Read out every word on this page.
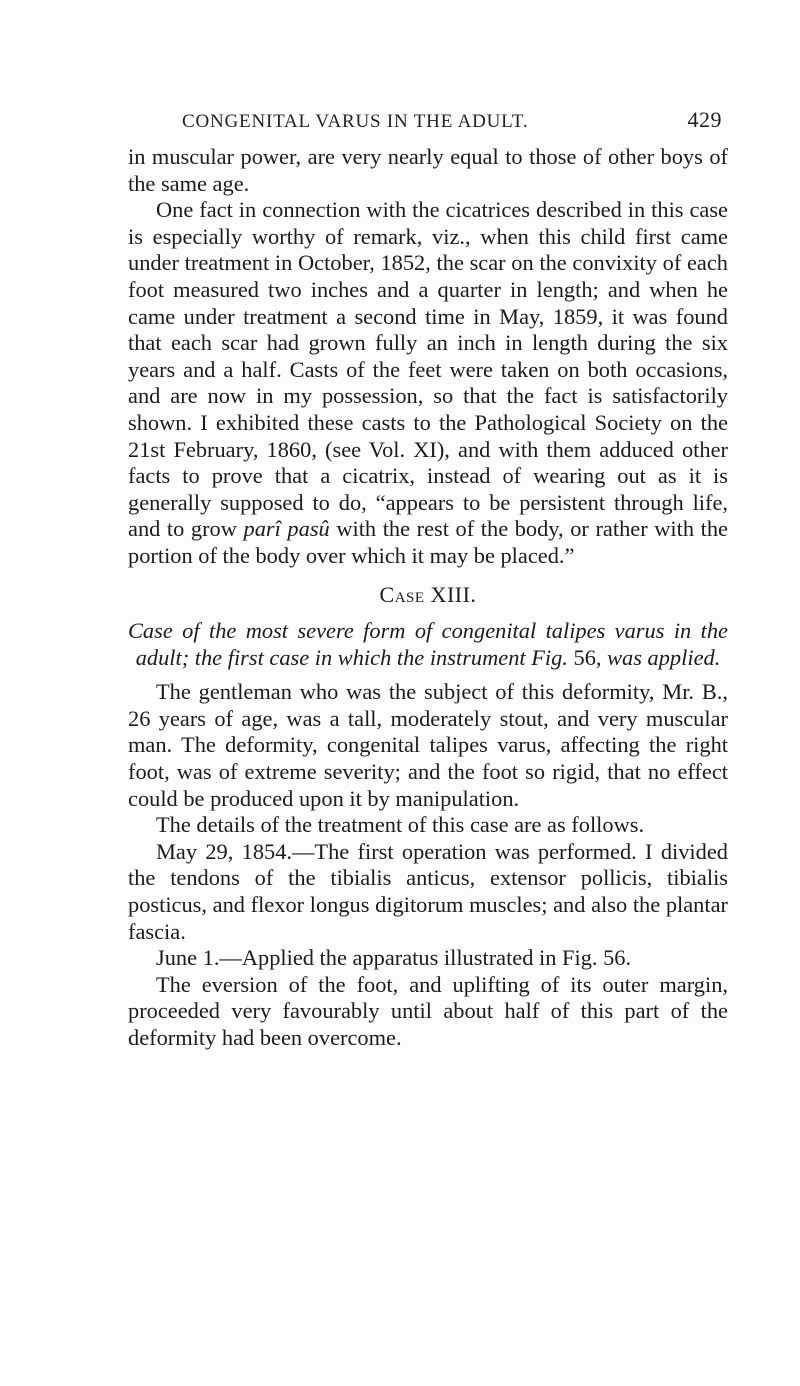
CONGENITAL VARUS IN THE ADULT.	429

in muscular power, are very nearly equal to those of other boys of the same age.

One fact in connection with the cicatrices described in this case is especially worthy of remark, viz., when this child first came under treatment in October, 1852, the scar on the convixity of each foot measured two inches and a quarter in length; and when he came under treatment a second time in May, 1859, it was found that each scar had grown fully an inch in length during the six years and a half. Casts of the feet were taken on both occasions, and are now in my possession, so that the fact is satisfactorily shown. I exhibited these casts to the Pathological Society on the 21st February, 1860, (see Vol. XI), and with them adduced other facts to prove that a cicatrix, instead of wearing out as it is generally supposed to do, “appears to be persistent through life, and to grow parî pasû with the rest of the body, or rather with the portion of the body over which it may be placed.”

Case XIII.
Case of the most severe form of congenital talipes varus in the adult; the first case in which the instrument Fig. 56, was applied.

The gentleman who was the subject of this deformity, Mr. B., 26 years of age, was a tall, moderately stout, and very muscular man. The deformity, congenital talipes varus, affecting the right foot, was of extreme severity; and the foot so rigid, that no effect could be produced upon it by manipulation.

The details of the treatment of this case are as follows.

May 29, 1854.—The first operation was performed. I divided the tendons of the tibialis anticus, extensor pollicis, tibialis posticus, and flexor longus digitorum muscles; and also the plantar fascia.

June 1.—Applied the apparatus illustrated in Fig. 56.

The eversion of the foot, and uplifting of its outer margin, proceeded very favourably until about half of this part of the deformity had been overcome.
